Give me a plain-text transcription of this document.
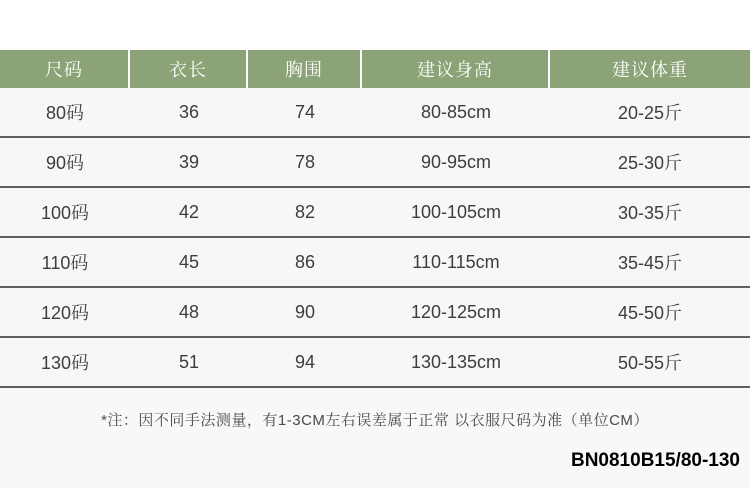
尺码	衣长	胸围	建议身高	建议体重
80码	36	74	80-85cm	20-25斤
90码	39	78	90-95cm	25-30斤
100码	42	82	100-105cm	30-35斤
110码	45	86	110-115cm	35-45斤
120码	48	90	120-125cm	45-50斤
130码	51	94	130-135cm	50-55斤
*注：因不同手法测量，有1-3CM左右误差属于正常 以衣服尺码为准（单位CM）
BN0810B15/80-130
